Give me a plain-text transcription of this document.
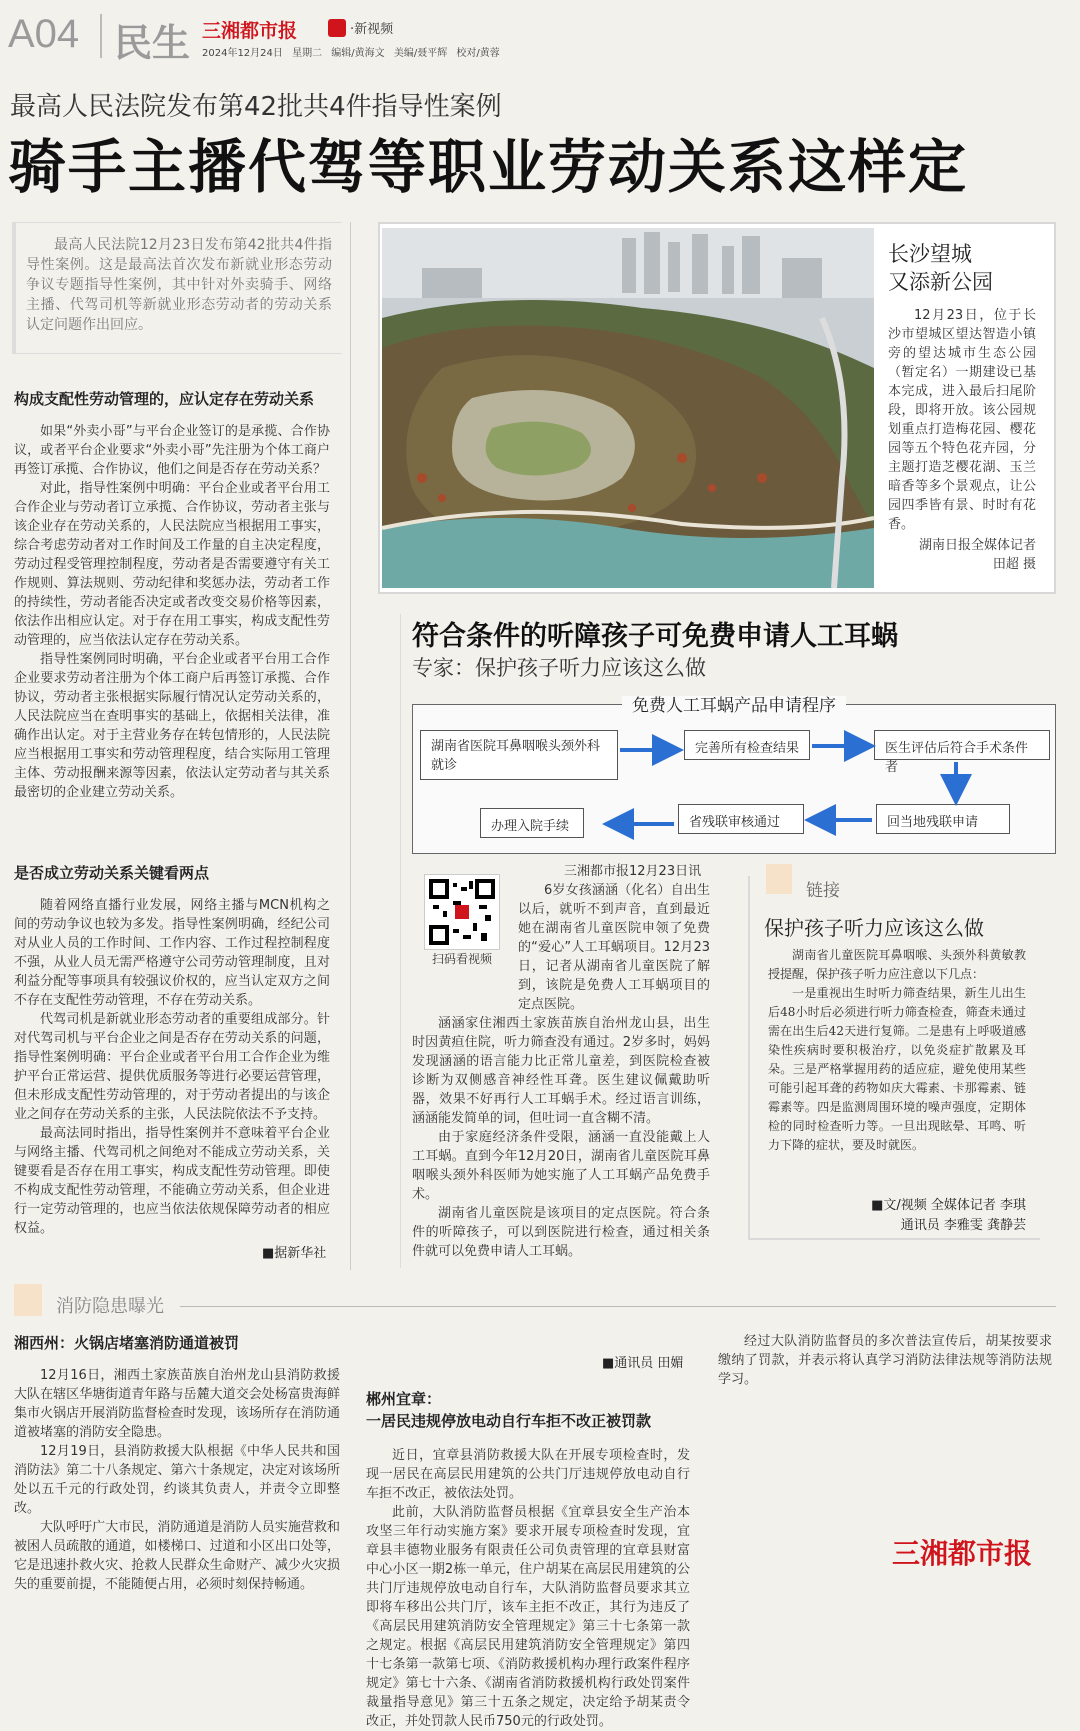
A04 民生 三湘都市报	·新视频
2024年12月24日 星期二 编辑/黄海文 美编/聂平辉 校对/黄蓉
最高人民法院发布第42批共4件指导性案例
骑手主播代驾等职业劳动关系这样定
最高人民法院12月23日发布第42批共4件指导性案例。这是最高法首次发布新就业形态劳动争议专题指导性案例，其中针对外卖骑手、网络主播、代驾司机等新就业形态劳动者的劳动关系认定问题作出回应。
构成支配性劳动管理的，应认定存在劳动关系

如果“外卖小哥”与平台企业签订的是承揽、合作协议，或者平台企业要求“外卖小哥”先注册为个体工商户再签订承揽、合作协议，他们之间是否存在劳动关系？

对此，指导性案例中明确：平台企业或者平台用工合作企业与劳动者订立承揽、合作协议，劳动者主张与该企业存在劳动关系的，人民法院应当根据用工事实，综合考虑劳动者对工作时间及工作量的自主决定程度，劳动过程受管理控制程度，劳动者是否需要遵守有关工作规则、算法规则、劳动纪律和奖惩办法，劳动者工作的持续性，劳动者能否决定或者改变交易价格等因素，依法作出相应认定。对于存在用工事实，构成支配性劳动管理的，应当依法认定存在劳动关系。

指导性案例同时明确，平台企业或者平台用工合作企业要求劳动者注册为个体工商户后再签订承揽、合作协议，劳动者主张根据实际履行情况认定劳动关系的，人民法院应当在查明事实的基础上，依据相关法律，准确作出认定。对于主营业务存在转包情形的，人民法院应当根据用工事实和劳动管理程度，结合实际用工管理主体、劳动报酬来源等因素，依法认定劳动者与其关系最密切的企业建立劳动关系。

是否成立劳动关系关键看两点

随着网络直播行业发展，网络主播与MCN机构之间的劳动争议也较为多发。指导性案例明确，经纪公司对从业人员的工作时间、工作内容、工作过程控制程度不强，从业人员无需严格遵守公司劳动管理制度，且对利益分配等事项具有较强议价权的，应当认定双方之间不存在支配性劳动管理，不存在劳动关系。

代驾司机是新就业形态劳动者的重要组成部分。针对代驾司机与平台企业之间是否存在劳动关系的问题，指导性案例明确：平台企业或者平台用工合作企业为维护平台正常运营、提供优质服务等进行必要运营管理，但未形成支配性劳动管理的，对于劳动者提出的与该企业之间存在劳动关系的主张，人民法院依法不予支持。

最高法同时指出，指导性案例并不意味着平台企业与网络主播、代驾司机之间绝对不能成立劳动关系，关键要看是否存在用工事实，构成支配性劳动管理。即使不构成支配性劳动管理，不能确立劳动关系，但企业进行一定劳动管理的，也应当依法依规保障劳动者的相应权益。

■据新华社
长沙望城
又添新公园
12月23日，位于长沙市望城区望达智造小镇旁的望达城市生态公园（暂定名）一期建设已基本完成，进入最后扫尾阶段，即将开放。该公园规划重点打造梅花园、樱花园等五个特色花卉园，分主题打造芝樱花湖、玉兰暗香等多个景观点，让公园四季皆有景、时时有花香。
湖南日报全媒体记者
田超 摄
符合条件的听障孩子可免费申请人工耳蜗
专家：保护孩子听力应该这么做
免费人工耳蜗产品申请程序
湖南省医院耳鼻咽喉头颈外科就诊
完善所有检查结果	医生评估后符合手术条件者
回当地残联申请
省残联审核通过
办理入院手续
扫码看视频
三湘都市报12月23日讯

6岁女孩涵涵（化名）自出生以后，就听不到声音，直到最近她在湖南省儿童医院申领了免费的“爱心”人工耳蜗项目。12月23日，记者从湖南省儿童医院了解到，该院是免费人工耳蜗项目的定点医院。

涵涵家住湘西土家族苗族自治州龙山县，出生时因黄疸住院，听力筛查没有通过。2岁多时，妈妈发现涵涵的语言能力比正常儿童差，到医院检查被诊断为双侧感音神经性耳聋。医生建议佩戴助听器，效果不好再行人工耳蜗手术。经过语言训练，涵涵能发简单的词，但吐词一直含糊不清。

由于家庭经济条件受限，涵涵一直没能戴上人工耳蜗。直到今年12月20日，湖南省儿童医院耳鼻咽喉头颈外科医师为她实施了人工耳蜗产品免费手术。

湖南省儿童医院是该项目的定点医院。符合条件的听障孩子，可以到医院进行检查，通过相关条件就可以免费申请人工耳蜗。

链接
保护孩子听力应该这么做

湖南省儿童医院耳鼻咽喉、头颈外科黄敏教授提醒，保护孩子听力应注意以下几点：

一是重视出生时听力筛查结果，新生儿出生后48小时后必须进行听力筛查检查，筛查未通过需在出生后42天进行复筛。二是患有上呼吸道感染性疾病时要积极治疗，以免炎症扩散累及耳朵。三是严格掌握用药的适应症，避免使用某些可能引起耳聋的药物如庆大霉素、卡那霉素、链霉素等。四是监测周围环境的噪声强度，定期体检的同时检查听力等。一旦出现眩晕、耳鸣、听力下降的症状，要及时就医。

■文/视频 全媒体记者 李琪
通讯员 李雅雯 龚静芸
消防隐患曝光
湘西州：火锅店堵塞消防通道被罚

12月16日，湘西土家族苗族自治州龙山县消防救援大队在辖区华塘街道青年路与岳麓大道交会处杨富贵海鲜集市火锅店开展消防监督检查时发现，该场所存在消防通道被堵塞的消防安全隐患。

12月19日，县消防救援大队根据《中华人民共和国消防法》第二十八条规定、第六十条规定，决定对该场所处以五千元的行政处罚，约谈其负责人，并责令立即整改。

大队呼吁广大市民，消防通道是消防人员实施营救和被困人员疏散的通道，如楼梯口、过道和小区出口处等，它是迅速扑救火灾、抢救人民群众生命财产、减少火灾损失的重要前提，不能随便占用，必须时刻保持畅通。

■通讯员 田媚
郴州宜章：
一居民违规停放电动自行车拒不改正被罚款

近日，宜章县消防救援大队在开展专项检查时，发现一居民在高层民用建筑的公共门厅违规停放电动自行车拒不改正，被依法处罚。

此前，大队消防监督员根据《宜章县安全生产治本攻坚三年行动实施方案》要求开展专项检查时发现，宜章县丰德物业服务有限责任公司负责管理的宜章县财富中心小区一期2栋一单元，住户胡某在高层民用建筑的公共门厅违规停放电动自行车，大队消防监督员要求其立即将车移出公共门厅，该车主拒不改正，其行为违反了《高层民用建筑消防安全管理规定》第三十七条第一款之规定。根据《高层民用建筑消防安全管理规定》第四十七条第一款第七项、《消防救援机构办理行政案件程序规定》第七十六条、《湖南省消防救援机构行政处罚案件裁量指导意见》第三十五条之规定，决定给予胡某责令改正，并处罚款人民币750元的行政处罚。

经过大队消防监督员的多次普法宣传后，胡某按要求缴纳了罚款，并表示将认真学习消防法律法规等消防法规学习。

三湘都市报
